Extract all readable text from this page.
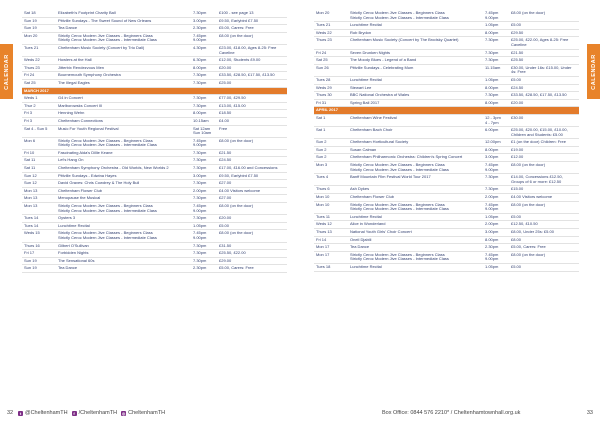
CALENDAR	CALENDAR
Sat 18	Elizabeth's Footprint Charity Ball	7.30pm	£100 - see page 13
Sun 19	Pittville Sundays - The Sweet Sound of New Orleans	3.00pm	£9.50, Earlybird £7.50
Sun 19	Tea Dance	2.30pm	£5.00, Carers: Free
Mon 20	Strictly Ceroc Modern Jive Classes - Beginners Class
Strictly Ceroc Modern Jive Classes - Intermediate Class	7.45pm
9.00pm	£8.00 (on the door)
Tues 21	Cheltenham Music Society (Concert by Trio Dali)	4.30pm	£23.00, £18.00, Ages 8-25: Free Caveline
Weds 22	Howlers at the Hall	6.30pm	£12.00, Students £9.00
Thurs 23	Jitterbix Rendezvous Men	8.00pm	£20.00
Fri 24	Bournemouth Symphony Orchestra	7.30pm	£33.50, £28.50, £17.50, £13.50
Sat 25	The Illegal Eagles	7.30pm	£25.00
MARCH 2017			
Weds 1	G4 in Concert	7.30pm	£77.00, £29.50
Thur 2	Marlborowsks Concert III	7.30pm	£13.00, £15.00
Fri 3	Henning Wehn	8.00pm	£18.50
Fri 3	Cheltenham Connections	10.15am	£4.00
Sat 4 - Sun 5	Music For Youth Regional Festival	Sat 12am
Sun 10am	Free
Mon 6	Strictly Ceroc Modern Jive Classes - Beginners Class
Strictly Ceroc Modern Jive Classes - Intermediate Class	7.45pm
9.00pm	£8.00 (on the door)
Fri 10	Fascinating Aida's Dillie Keane	7.30pm	£21.50
Sat 11	Let's Hang On	7.30pm	£24.50
Sat 11	Cheltenham Symphony Orchestra - Old Worlds, New Worlds 2	7.30pm	£17.00, £16.00 and Concessions
Sun 12	Pittville Sundays - Edwina Hayes	3.00pm	£9.50, Earlybird £7.50
Sun 12	David Graves: Chris Cowdrey & The Holy Bull	7.30pm	£27.00
Mon 13	Cheltenham Flower Club	2.00pm	£4.00 Visitors welcome
Mon 13	Menopause the Musical	7.30pm	£27.00
Mon 13	Strictly Ceroc Modern Jive Classes - Beginners Class
Strictly Ceroc Modern Jive Classes - Intermediate Class	7.45pm
9.00pm	£8.00 (on the door)
Tues 14	Oysters 3	7.30pm	£20.00
Tues 14	Lunchtime Recital	1.05pm	£5.00
Weds 15	Strictly Ceroc Modern Jive Classes - Beginners Class
Strictly Ceroc Modern Jive Classes - Intermediate Class	7.45pm
9.00pm	£8.00 (on the door)
Thurs 16	Gilbert O'Sullivan	7.30pm	£31.50
Fri 17	Forbidden Nights	7.30pm	£25.50, £22.00
Sun 19	The Sensational 60s	7.30pm	£29.00
Sun 19	Tea Dance	2.30pm	£5.00, Carers: Free
Mon 20	Strictly Ceroc Modern Jive Classes - Beginners Class
Strictly Ceroc Modern Jive Classes - Intermediate Class	7.45pm
9.00pm	£8.00 (on the door)
Tues 21	Lunchtime Recital	1.05pm	£5.00
Weds 22	Rob Brydon	8.00pm	£29.50
Thurs 23	Cheltenham Music Society (Concert by The Brodsky Quartet)	7.30pm	£25.00, £22.00, Ages 8-25: Free Caveline
Fri 24	Seven Drunken Nights	7.30pm	£21.50
Sat 25	The Moody Blues - Legend of a Band	7.30pm	£25.50
Sun 26	Pittville Sundays - Celebrating Mum	11.15am	£30.00, Under 16s: £15.00, Under 4s: Free
Tues 28	Lunchtime Recital	1.05pm	£5.00
Weds 29	Stewart Lee	8.00pm	£24.50
Thurs 30	BBC National Orchestra of Wales	7.30pm	£33.50, £28.50, £17.50, £13.50
Fri 31	Spring Ball 2017	8.00pm	£20.00
APRIL 2017			
Sat 1	Cheltenham Wine Festival	12 - 3pm
4 - 7pm	£30.00
Sat 1	Cheltenham Bach Choir	6.00pm	£25.00, £20.00, £15.00, £10.00, Children and Students: £5.00
Sun 2	Cheltenham Horticultural Society	12.00pm	£1 (on the door) Children: Free
Sun 2	Susan Calman	8.00pm	£19.00
Sun 2	Cheltenham Philharmonic Orchestra: Children's Spring Concert	3.00pm	£12.00
Mon 3	Strictly Ceroc Modern Jive Classes - Beginners Class
Strictly Ceroc Modern Jive Classes - Intermediate Class	7.45pm
9.00pm	£8.00 (on the door)
Tues 4	Banff Mountain Film Festival World Tour 2017	7.30pm	£14.00, Concessions £12.50, Groups of 6 or more: £12.50
Thurs 6	Ash Dykes	7.30pm	£15.00
Mon 10	Cheltenham Flower Club	2.00pm	£4.00 Visitors welcome
Mon 10	Strictly Ceroc Modern Jive Classes - Beginners Class
Strictly Ceroc Modern Jive Classes - Intermediate Class	7.45pm
9.00pm	£8.00 (on the door)
Tues 11	Lunchtime Recital	1.05pm	£5.00
Weds 12	Alice in Wonderland	2.00pm	£12.50, £10.50
Thurs 13	National Youth Girls' Choir Concert	3.00pm	£8.00, Under 25s: £5.00
Fri 14	Oneil Djabili	8.00pm	£8.00
Mon 17	Tea Dance	2.30pm	£5.00, Carers: Free
Mon 17	Strictly Ceroc Modern Jive Classes - Beginners Class
Strictly Ceroc Modern Jive Classes - Intermediate Class	7.45pm
9.00pm	£8.00 (on the door)
Tues 18	Lunchtime Recital	1.05pm	£5.00
32	t @CheltenhamTH	f /CheltenhamTH ◎ CheltenhamTH	Box Office: 0844 576 2210* / Cheltenhamtownhall.org.uk	33
